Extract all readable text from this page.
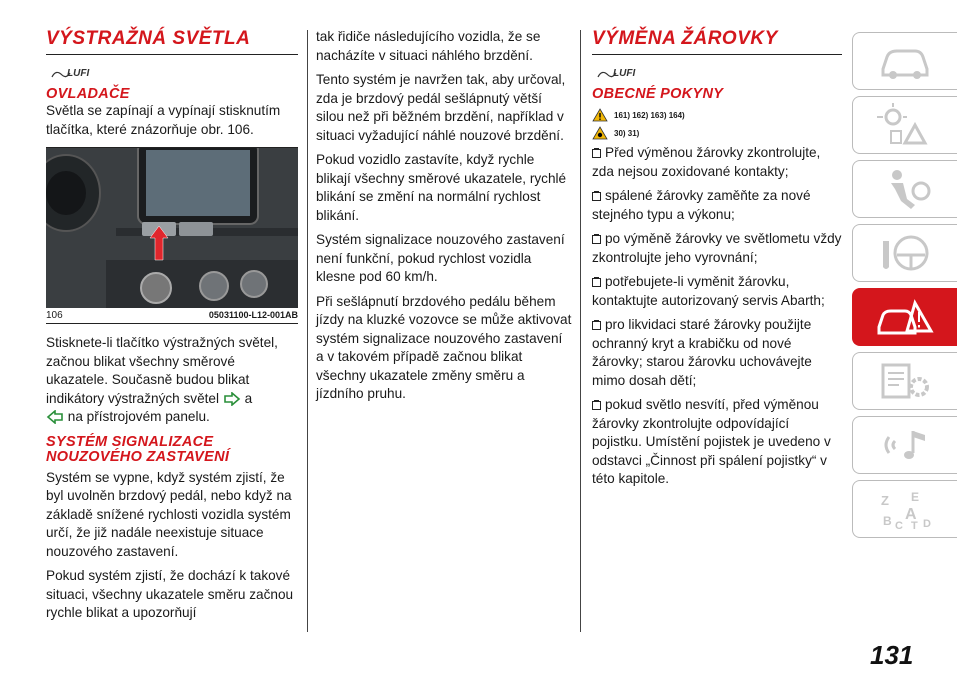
VÝSTRAŽNÁ SVĚTLA
LUFI
OVLADAČE

Světla se zapínají a vypínají stisknutím tlačítka, které znázorňuje obr. 106.

106	05031100-L12-001AB

Stisknete-li tlačítko výstražných světel, začnou blikat všechny směrové ukazatele. Současně budou blikat indikátory výstražných světel a
na přístrojovém panelu.

SYSTÉM SIGNALIZACE NOUZOVÉHO ZASTAVENÍ

Systém se vypne, když systém zjistí, že byl uvolněn brzdový pedál, nebo když na základě snížené rychlosti vozidla systém určí, že již nadále neexistuje situace nouzového zastavení.

Pokud systém zjistí, že dochází k takové situaci, všechny ukazatele směru začnou rychle blikat a upozorňují

tak řidiče následujícího vozidla, že se nacházíte v situaci náhlého brzdění.

Tento systém je navržen tak, aby určoval, zda je brzdový pedál sešlápnutý větší silou než při běžném brzdění, například v situaci vyžadující náhlé nouzové brzdění.

Pokud vozidlo zastavíte, když rychle blikají všechny směrové ukazatele, rychlé blikání se změní na normální rychlost blikání.

Systém signalizace nouzového zastavení není funkční, pokud rychlost vozidla klesne pod 60 km/h.

Při sešlápnutí brzdového pedálu během jízdy na kluzké vozovce se může aktivovat systém signalizace nouzového zastavení a v takovém případě začnou blikat všechny ukazatele změny směru a jízdního pruhu.

VÝMĚNA ŽÁROVKY
LUFI
OBECNÉ POKYNY
161) 162) 163) 164)
30) 31)

Před výměnou žárovky zkontrolujte, zda nejsou zoxidované kontakty;

spálené žárovky zaměňte za nové stejného typu a výkonu;

po výměně žárovky ve světlometu vždy zkontrolujte jeho vyrovnání;

potřebujete-li vyměnit žárovku, kontaktujte autorizovaný servis Abarth;

pro likvidaci staré žárovky použijte ochranný kryt a krabičku od nové žárovky; starou žárovku uchovávejte mimo dosah dětí;

pokud světlo nesvítí, před výměnou žárovky zkontrolujte odpovídající pojistku. Umístění pojistek je uvedeno v odstavci „Činnost při spálení pojistky“ v této kapitole.

Z E
B A
D
C T
131
